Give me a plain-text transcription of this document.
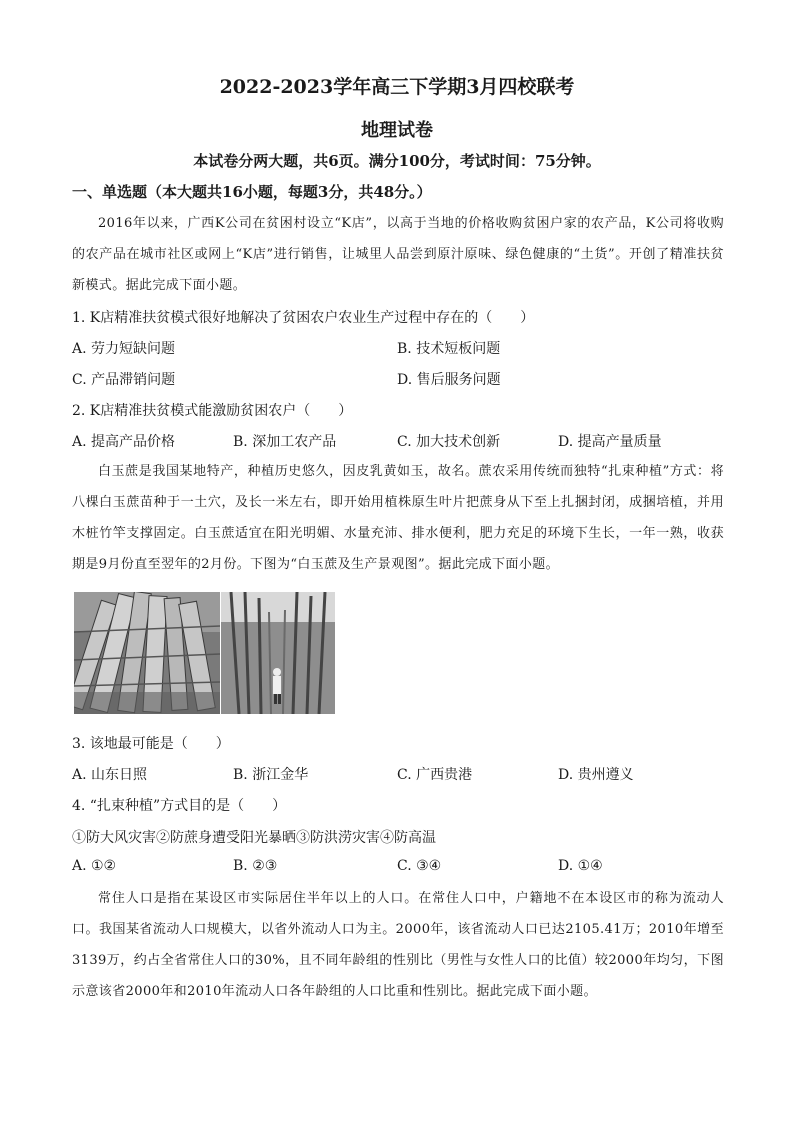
2022-2023学年高三下学期3月四校联考
地理试卷
本试卷分两大题，共6页。满分100分，考试时间：75分钟。
一、单选题（本大题共16小题，每题3分，共48分。）
2016年以来，广西K公司在贫困村设立“K店”，以高于当地的价格收购贫困户家的农产品，K公司将收购的农产品在城市社区或网上“K店”进行销售，让城里人品尝到原汁原味、绿色健康的“土货”。开创了精准扶贫新模式。据此完成下面小题。
1. K店精准扶贫模式很好地解决了贫困农户农业生产过程中存在的（　　）
A. 劳力短缺问题	B. 技术短板问题
C. 产品滞销问题	D. 售后服务问题
2. K店精准扶贫模式能激励贫困农户（　　）
A. 提高产品价格	B. 深加工农产品	C. 加大技术创新	D. 提高产量质量
白玉蔗是我国某地特产，种植历史悠久，因皮乳黄如玉，故名。蔗农采用传统而独特“扎束种植”方式：将八棵白玉蔗苗种于一土穴，及长一米左右，即开始用植株原生叶片把蔗身从下至上扎捆封闭，成捆培植，并用木桩竹竿支撑固定。白玉蔗适宜在阳光明媚、水量充沛、排水便利，肥力充足的环境下生长，一年一熟，收获期是9月份直至翌年的2月份。下图为“白玉蔗及生产景观图”。据此完成下面小题。
3. 该地最可能是（　　）
A. 山东日照	B. 浙江金华	C. 广西贵港	D. 贵州遵义
4. “扎束种植”方式目的是（　　）
①防大风灾害②防蔗身遭受阳光暴晒③防洪涝灾害④防高温
A. ①②	B. ②③	C. ③④	D. ①④
常住人口是指在某设区市实际居住半年以上的人口。在常住人口中，户籍地不在本设区市的称为流动人口。我国某省流动人口规模大，以省外流动人口为主。2000年，该省流动人口已达2105.41万；2010年增至3139万，约占全省常住人口的30%，且不同年龄组的性别比（男性与女性人口的比值）较2000年均匀，下图示意该省2000年和2010年流动人口各年龄组的人口比重和性别比。据此完成下面小题。
